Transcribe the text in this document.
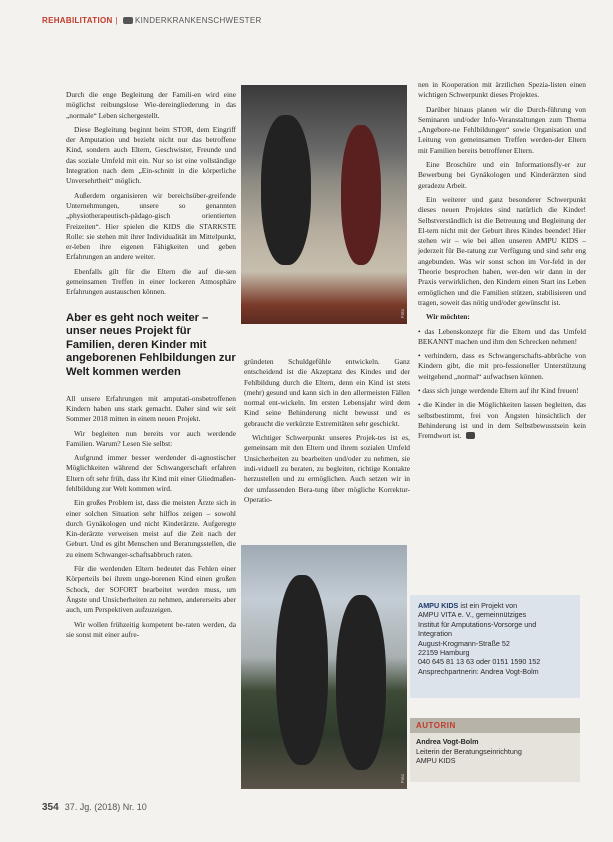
REHABILITATION | KINDERKRANKENSCHWESTER

Durch die enge Begleitung der Famili-en wird eine möglichst reibungslose Wie-dereingliederung in das „normale“ Leben sichergestellt.

Diese Begleitung beginnt beim STOR, dem Eingriff der Amputation und bezieht nicht nur das betroffene Kind, sondern auch Eltern, Geschwister, Freunde und das soziale Umfeld mit ein. Nur so ist eine vollständige Integration nach dem „Ein-schnitt in die körperliche Unversehrtheit“ möglich.

Außerdem organisieren wir bereichsüber-greifende Unternehmungen, unsere so genannten „physiotherapeutisch-pädago-gisch orientierten Freizeiten“. Hier spielen die KIDS die STARKSTE Rolle: sie stehen mit ihrer Individualität im Mittelpunkt, er-leben ihre eigenen Fähigkeiten und geben Erfahrungen an andere weiter.

Ebenfalls gilt für die Eltern die auf die-sen gemeinsamen Treffen in einer lockeren Atmosphäre Erfahrungen austauschen können.

Aber es geht noch weiter – unser neues Projekt für Familien, deren Kinder mit angeborenen Fehlbildungen zur Welt kommen werden

All unsere Erfahrungen mit amputati-onsbetroffenen Kindern haben uns stark gemacht. Daher sind wir seit Sommer 2018 mitten in einem neuen Projekt.

Wir begleiten nun bereits vor auch werdende Familien. Warum? Lesen Sie selbst:

Aufgrund immer besser werdender di-agnostischer Möglichkeiten während der Schwangerschaft erfahren Eltern oft sehr früh, dass ihr Kind mit einer Gliedmaßen-fehlbildung zur Welt kommen wird.

Ein großes Problem ist, dass die meisten Ärzte sich in einer solchen Situation sehr hilflos zeigen – sowohl durch Gynäkologen und nicht Kinderärzte. Aufgeregte Kin-derärzte verweisen meist auf die Zeit nach der Geburt. Und es gibt Menschen und Beratungsstellen, die zu einem Schwanger-schaftsabbruch raten.

Für die werdenden Eltern bedeutet das Fehlen einer Körperteils bei ihrem unge-borenen Kind einen großen Schock, der SOFORT bearbeitet werden muss, um Ängste und Unsicherheiten zu nehmen, andererseits aber auch, um Perspektiven aufzuzeigen.

Wir wollen frühzeitig kompetent be-raten werden, da sie sonst mit einer aufre-

Foto

gründeten Schuldgefühle entwickeln. Ganz entscheidend ist die Akzeptanz des Kindes und der Fehlbildung durch die Eltern, denn ein Kind ist stets (mehr) gesund und kann sich in den allermeisten Fällen normal ent-wickeln. Im ersten Lebensjahr wird dem Kind seine Behinderung nicht bewusst und es gebraucht die verkürzte Extremitäten sehr geschickt.

Wichtiger Schwerpunkt unseres Projek-tes ist es, gemeinsam mit den Eltern und ihrem sozialen Umfeld Unsicherheiten zu bearbeiten und/oder zu nehmen, sie indi-viduell zu beraten, zu begleiten, richtige Kontakte herzustellen und zu ermöglichen. Auch setzen wir in der umfassenden Bera-tung über mögliche Korrektur-Operatio-

Foto

nen in Kooperation mit ärztlichen Spezia-listen einen wichtigen Schwerpunkt dieses Projektes.

Darüber hinaus planen wir die Durch-führung von Seminaren und/oder Info-Veranstaltungen zum Thema „Angebore-ne Fehlbildungen“ sowie Organisation und Leitung von gemeinsamen Treffen werden-der Eltern mit Familien bereits betroffener Eltern.

Eine Broschüre und ein Informationsfly-er zur Bewerbung bei Gynäkologen und Kinderärzten sind geradezu Arbeit.

Ein weiterer und ganz besonderer Schwerpunkt dieses neuen Projektes sind natürlich die Kinder! Selbstverständlich ist die Betreuung und Begleitung der El-tern nicht mit der Geburt ihres Kindes beendet! Hier stehen wir – wie bei allen unseren AMPU KIDS – jederzeit für Be-ratung zur Verfügung und sind sehr eng angebunden. Was wir sonst schon im Vor-feld in der Theorie besprochen haben, wer-den wir dann in der Praxis verwirklichen, den Kindern einen Start ins Leben ermöglichen und die Familien stützen, stabilisieren und tragen, soweit das nötig und/oder gewünscht ist.

Wir möchten:

• das Lebenskonzept für die Eltern und das Umfeld BEKANNT machen und ihm den Schrecken nehmen!

• verhindern, dass es Schwangerschafts-abbrüche von Kindern gibt, die mit pro-fessioneller Unterstützung weitgehend „normal“ aufwachsen können.

• dass sich junge werdende Eltern auf ihr Kind freuen!

• die Kinder in die Möglichkeiten lassen begleiten, das selbstbestimmt, frei von Ängsten hinsichtlich der Behinderung ist und in dem Selbstbewusstsein kein Fremdwort ist.

AMPU KIDS ist ein Projekt von
AMPU VITA e. V., gemeinnütziges
Institut für Amputations-Vorsorge und
Integration
August-Krogmann-Straße 52
22159 Hamburg
040 645 81 13 63 oder 0151 1590 152
Ansprechpartnerin: Andrea Vogt-Bolm
AUTORIN
Andrea Vogt-Bolm
Leiterin der Beratungseinrichtung
AMPU KIDS
354 37. Jg. (2018) Nr. 10
